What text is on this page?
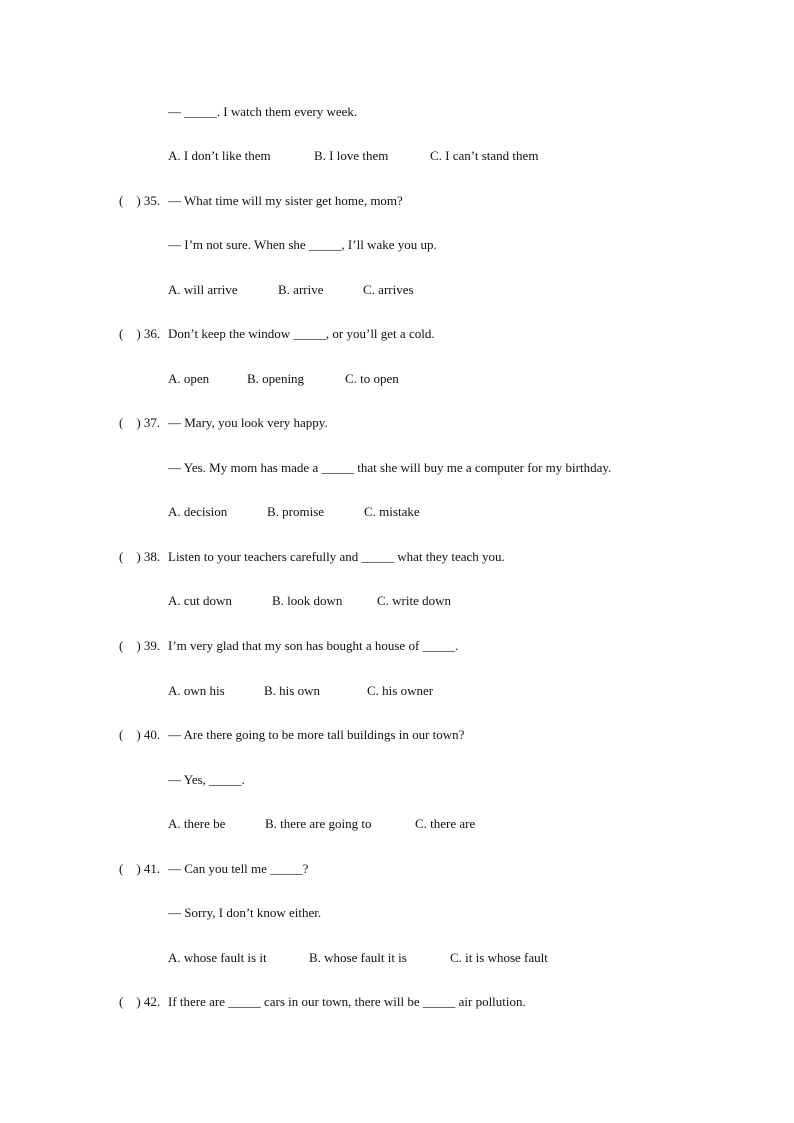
— _____. I watch them every week.
A. I don’t like them	B. I love them	C. I can’t stand them
(    ) 35. — What time will my sister get home, mom?
— I’m not sure. When she _____, I’ll wake you up.
A. will arrive	B. arrive	C. arrives
(    ) 36. Don’t keep the window _____, or you’ll get a cold.
A. open	B. opening	C. to open
(    ) 37. — Mary, you look very happy.
— Yes. My mom has made a _____ that she will buy me a computer for my birthday.
A. decision	B. promise	C. mistake
(    ) 38. Listen to your teachers carefully and _____ what they teach you.
A. cut down	B. look down	C. write down
(    ) 39. I’m very glad that my son has bought a house of _____.
A. own his	B. his own	C. his owner
(    ) 40. — Are there going to be more tall buildings in our town?
— Yes, _____.
A. there be	B. there are going to	C. there are
(    ) 41. — Can you tell me _____?
— Sorry, I don’t know either.
A. whose fault is it	B. whose fault it is	C. it is whose fault
(    ) 42. If there are _____ cars in our town, there will be _____ air pollution.
